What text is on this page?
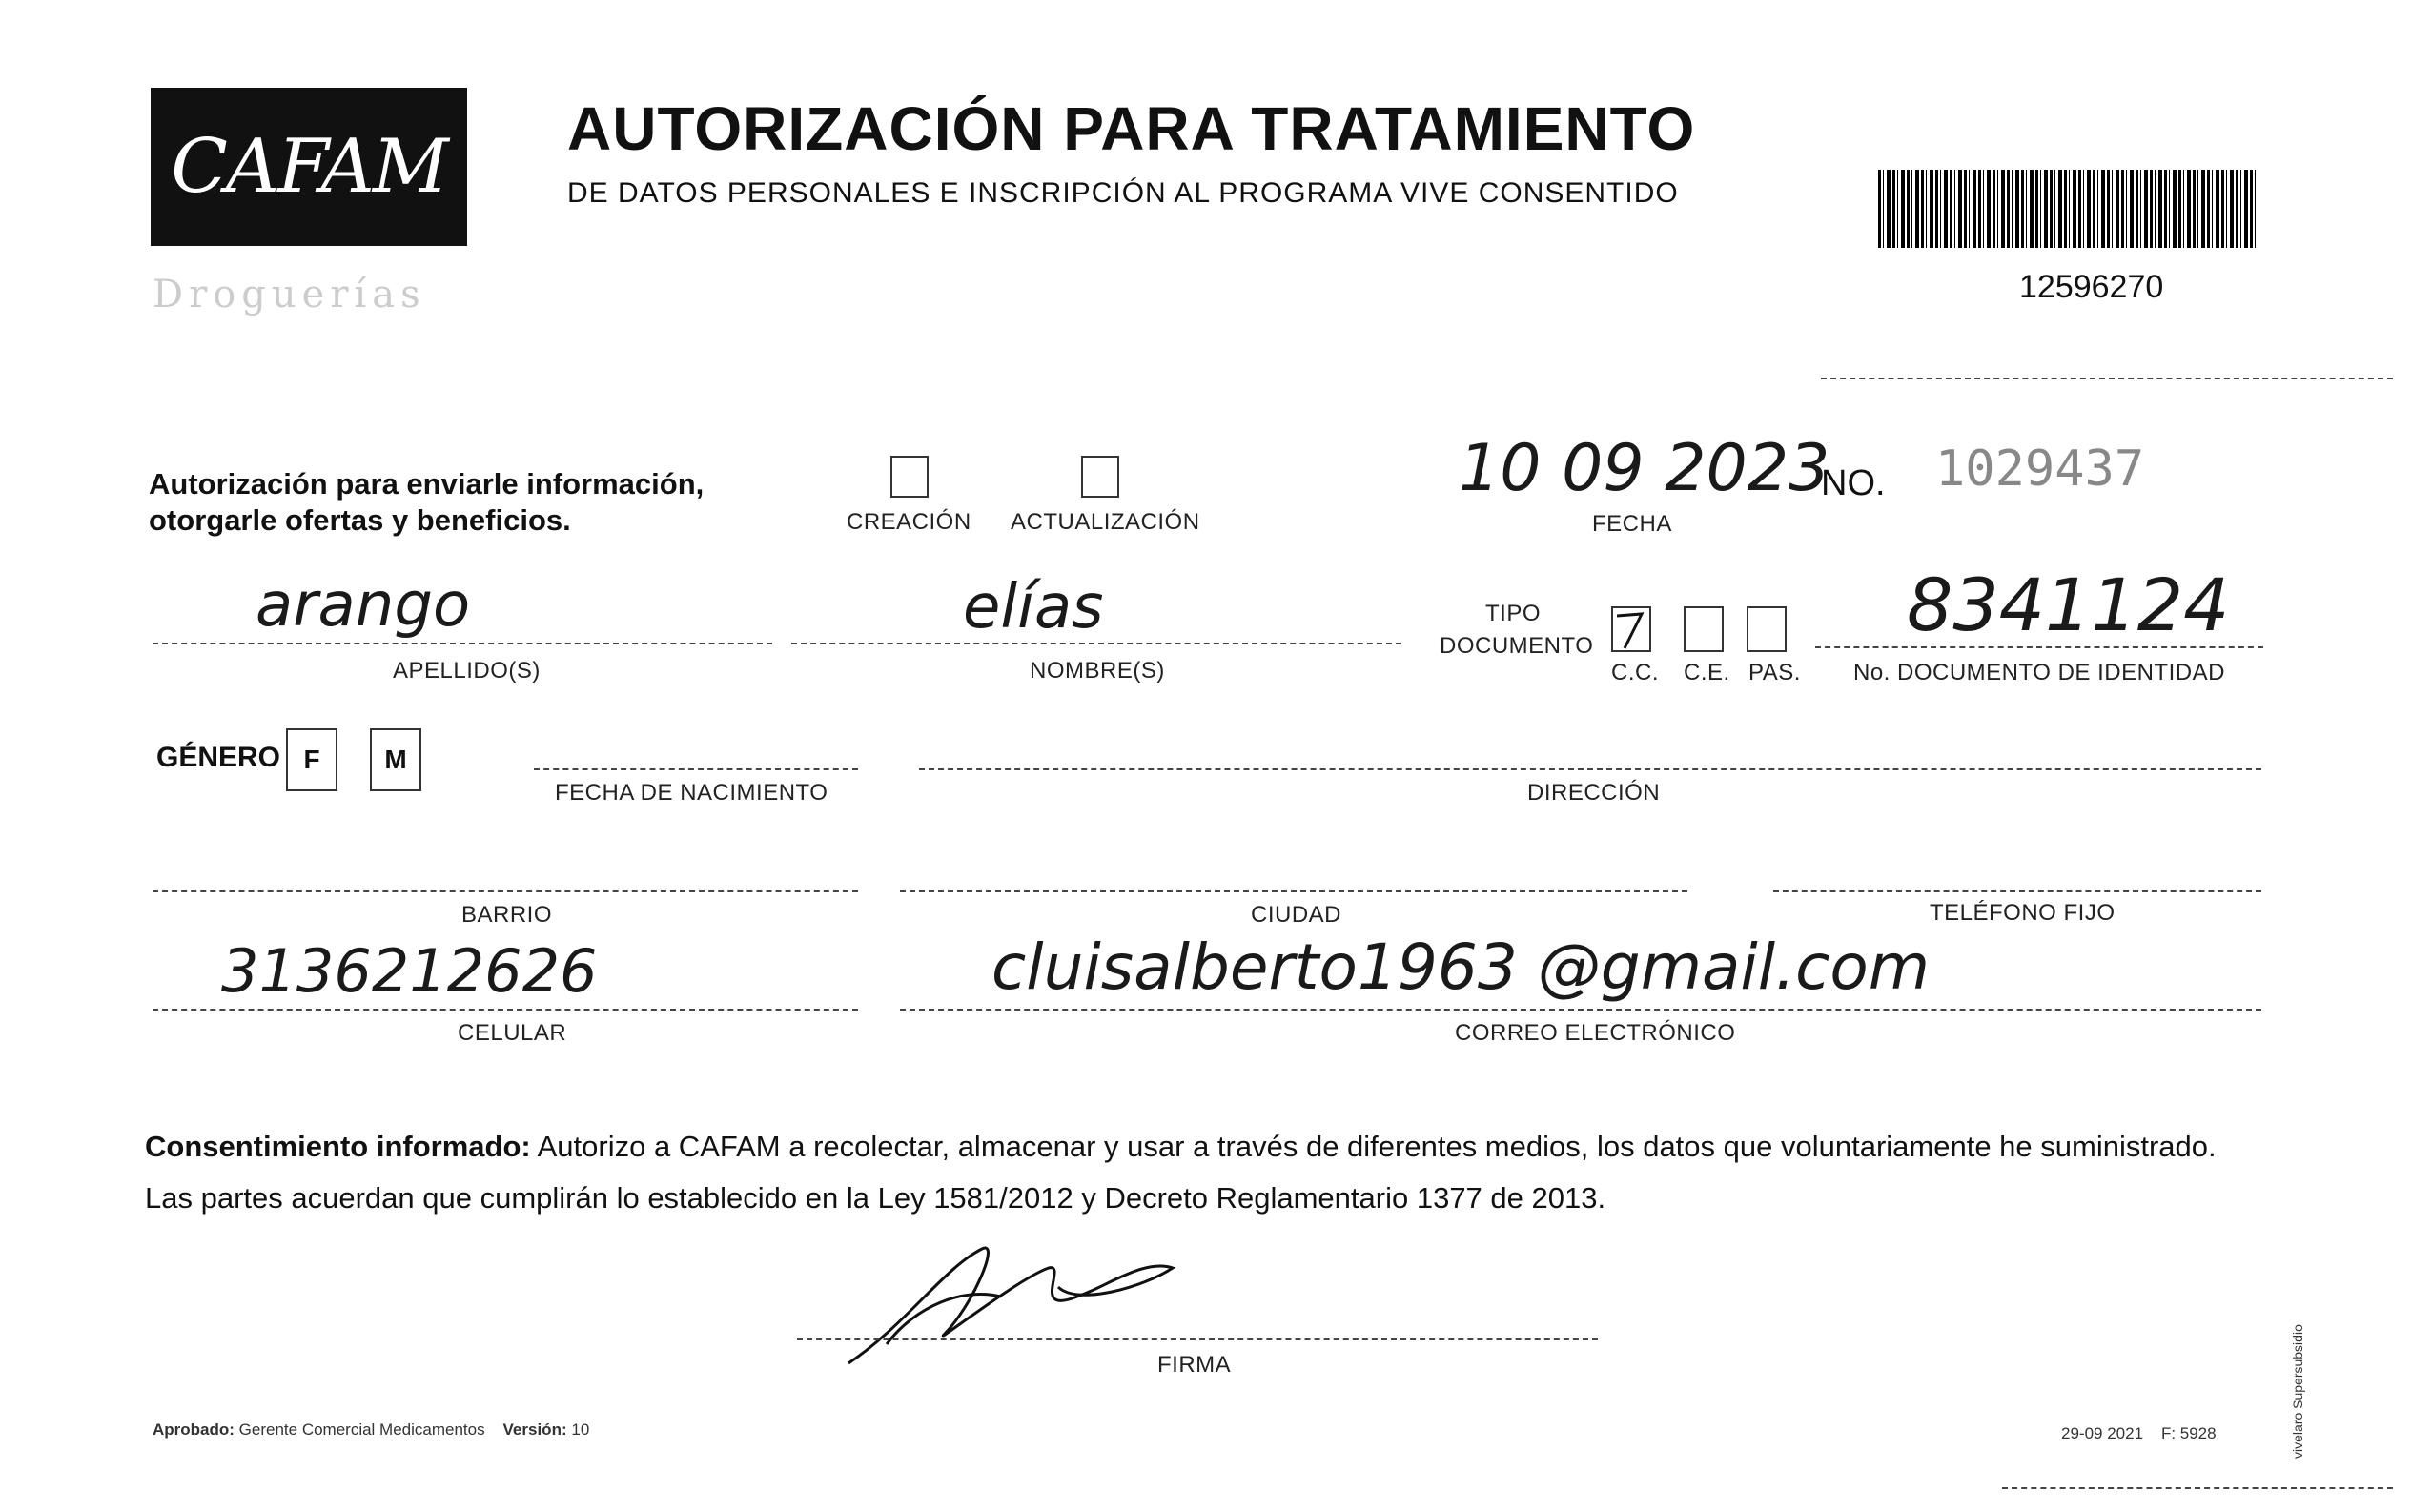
CAFAM
Droguerías
AUTORIZACIÓN PARA TRATAMIENTO
DE DATOS PERSONALES E INSCRIPCIÓN AL PROGRAMA VIVE CONSENTIDO
12596270
Autorización para enviarle información,
otorgarle ofertas y beneficios.	CREACIÓN ACTUALIZACIÓN
10 09 2023
FECHA
NO. 1029437
arango
APELLIDO(S)
elías
NOMBRE(S)
TIPO
DOCUMENTO
C.C. C.E. PAS.
8341124
No. DOCUMENTO DE IDENTIDAD
GÉNERO F M
FECHA DE NACIMIENTO	DIRECCIÓN
BARRIO	CIUDAD	TELÉFONO FIJO
3136212626
CELULAR
cluisalberto1963 @gmail.com
CORREO ELECTRÓNICO
Consentimiento informado: Autorizo a CAFAM a recolectar, almacenar y usar a través de diferentes medios, los datos que voluntariamente he suministrado. Las partes acuerdan que cumplirán lo establecido en la Ley 1581/2012 y Decreto Reglamentario 1377 de 2013.
FIRMA
Aprobado: Gerente Comercial Medicamentos Versión: 10	29-09 2021 F: 5928	vivelaro Supersubsidio
